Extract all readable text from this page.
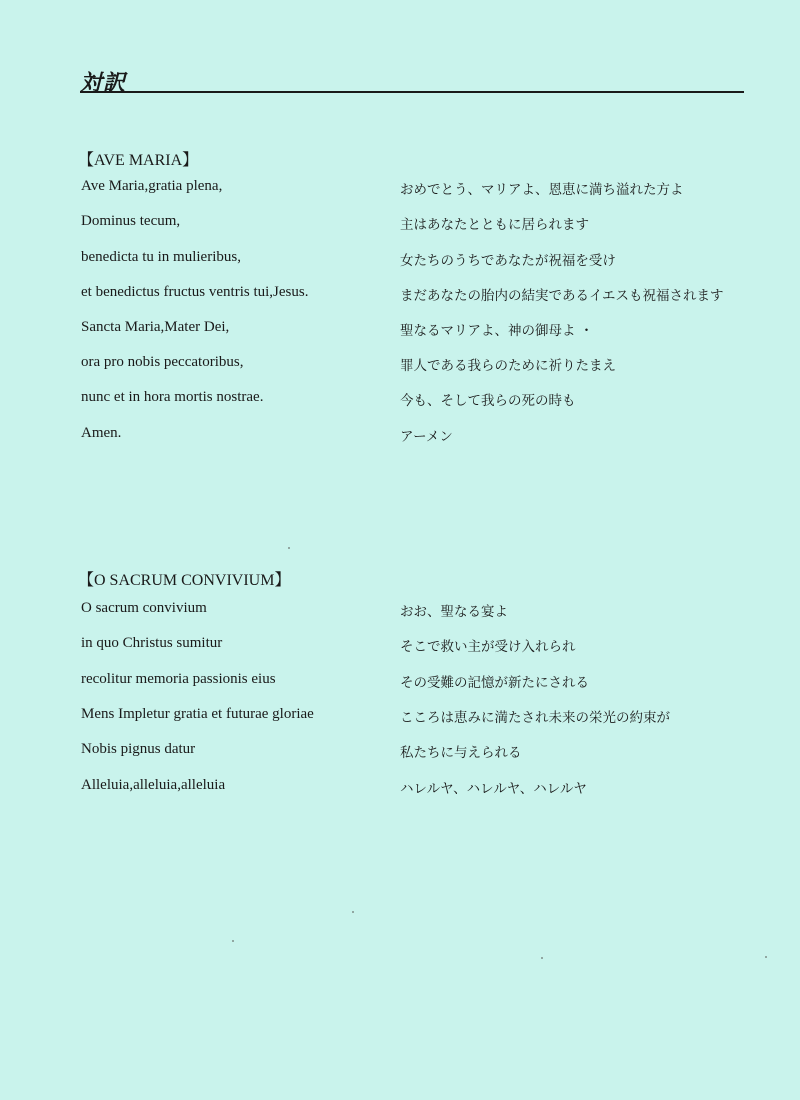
対訳
【AVE MARIA】
Ave Maria,gratia plena,	おめでとう、マリアよ、恩恵に満ち溢れた方よ
Dominus tecum,	主はあなたとともに居られます
benedicta tu in mulieribus,	女たちのうちであなたが祝福を受け
et benedictus fructus ventris tui,Jesus.	まだあなたの胎内の結実であるイエスも祝福されます
Sancta Maria,Mater Dei,	聖なるマリアよ、神の御母よ ・
ora pro nobis peccatoribus,	罪人である我らのために祈りたまえ
nunc et in hora mortis nostrae.	今も、そして我らの死の時も
Amen.	アーメン
【O SACRUM CONVIVIUM】
O sacrum convivium	おお、聖なる宴よ
in quo Christus sumitur	そこで救い主が受け入れられ
recolitur memoria passionis eius	その受難の記憶が新たにされる
Mens Impletur gratia et futurae gloriae	こころは恵みに満たされ未来の栄光の約束が
Nobis pignus datur	私たちに与えられる
Alleluia,alleluia,alleluia	ハレルヤ、ハレルヤ、ハレルヤ
